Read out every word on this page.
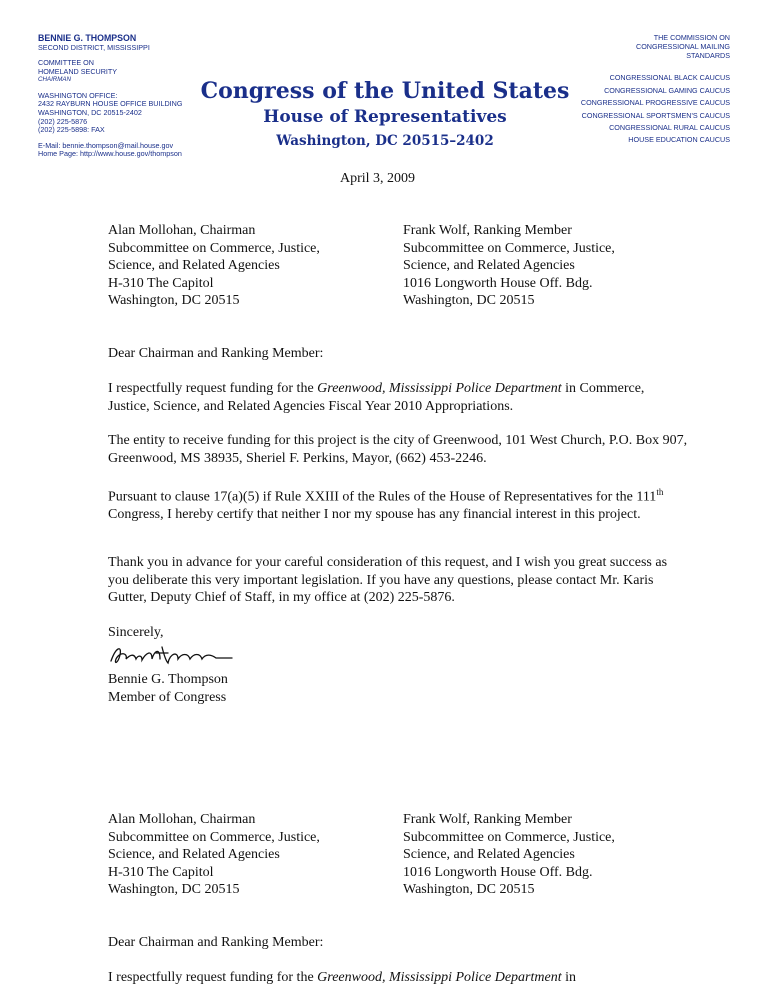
BENNIE G. THOMPSON
SECOND DISTRICT, MISSISSIPPI
COMMITTEE ON
HOMELAND SECURITY
CHAIRMAN
WASHINGTON OFFICE:
2432 RAYBURN HOUSE OFFICE BUILDING
WASHINGTON, DC 20515-2402
(202) 225-5876
(202) 225-5898: FAX
E-Mail: bennie.thompson@mail.house.gov
Home Page: http://www.house.gov/thompson
Congress of the United States
House of Representatives
Washington, DC 20515–2402
THE COMMISSION ON
CONGRESSIONAL MAILING
STANDARDS
CONGRESSIONAL BLACK CAUCUS
CONGRESSIONAL GAMING CAUCUS
CONGRESSIONAL PROGRESSIVE CAUCUS
CONGRESSIONAL SPORTSMEN'S CAUCUS
CONGRESSIONAL RURAL CAUCUS
HOUSE EDUCATION CAUCUS
April 3, 2009
Alan Mollohan, Chairman
Subcommittee on Commerce, Justice,
Science, and Related Agencies
H-310 The Capitol
Washington, DC 20515
Frank Wolf, Ranking Member
Subcommittee on Commerce, Justice,
Science, and Related Agencies
1016 Longworth House Off. Bdg.
Washington, DC 20515
Dear Chairman and Ranking Member:
I respectfully request funding for the Greenwood, Mississippi Police Department in Commerce, Justice, Science, and Related Agencies Fiscal Year 2010 Appropriations.
The entity to receive funding for this project is the city of Greenwood, 101 West Church, P.O. Box 907, Greenwood, MS 38935, Sheriel F. Perkins, Mayor, (662) 453-2246.
Pursuant to clause 17(a)(5) if Rule XXIII of the Rules of the House of Representatives for the 111th Congress, I hereby certify that neither I nor my spouse has any financial interest in this project.
Thank you in advance for your careful consideration of this request, and I wish you great success as you deliberate this very important legislation. If you have any questions, please contact Mr. Karis Gutter, Deputy Chief of Staff, in my office at (202) 225-5876.
Sincerely,
Bennie G. Thompson
Member of Congress
Alan Mollohan, Chairman
Subcommittee on Commerce, Justice,
Science, and Related Agencies
H-310 The Capitol
Washington, DC 20515
Frank Wolf, Ranking Member
Subcommittee on Commerce, Justice,
Science, and Related Agencies
1016 Longworth House Off. Bdg.
Washington, DC 20515
Dear Chairman and Ranking Member:
I respectfully request funding for the Greenwood, Mississippi Police Department in
